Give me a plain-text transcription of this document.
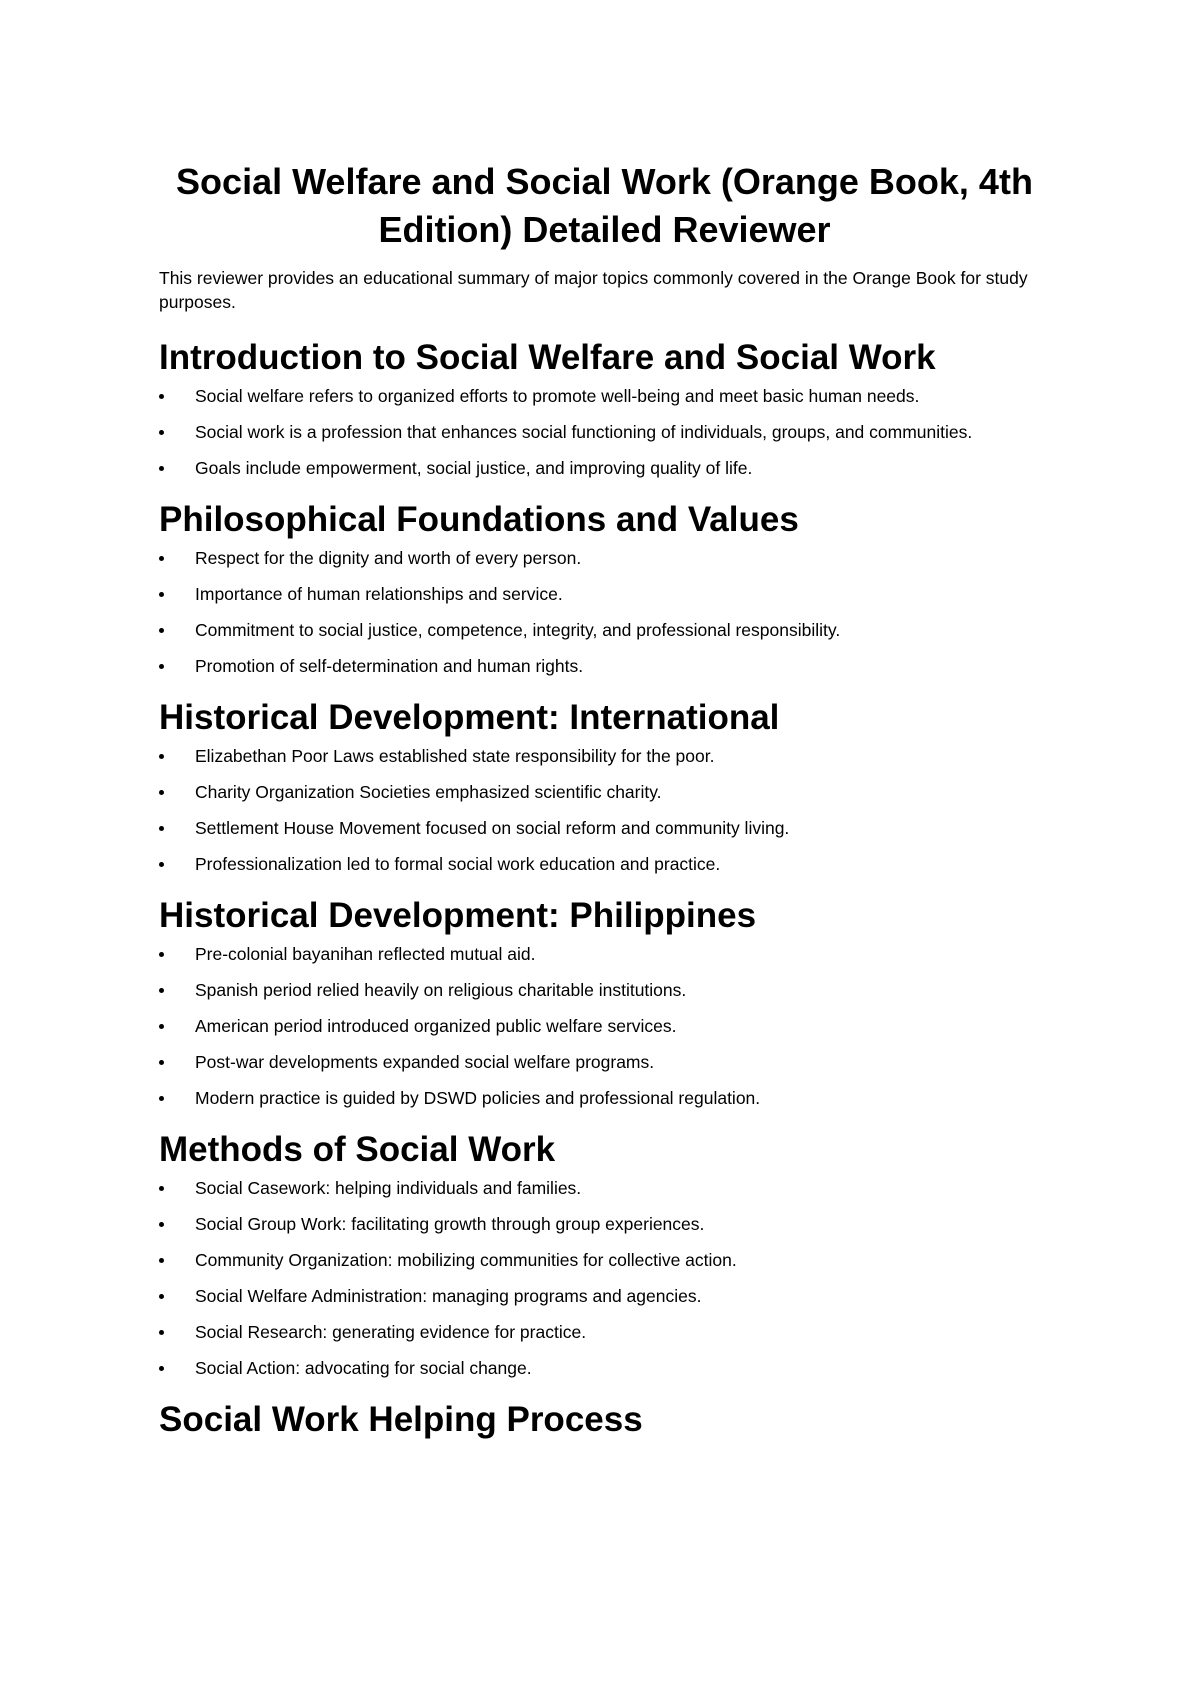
Social Welfare and Social Work (Orange Book, 4th Edition) Detailed Reviewer

This reviewer provides an educational summary of major topics commonly covered in the Orange Book for study purposes.

Introduction to Social Welfare and Social Work
Social welfare refers to organized efforts to promote well-being and meet basic human needs.
Social work is a profession that enhances social functioning of individuals, groups, and communities.
Goals include empowerment, social justice, and improving quality of life.
Philosophical Foundations and Values
Respect for the dignity and worth of every person.
Importance of human relationships and service.
Commitment to social justice, competence, integrity, and professional responsibility.
Promotion of self-determination and human rights.
Historical Development: International
Elizabethan Poor Laws established state responsibility for the poor.
Charity Organization Societies emphasized scientific charity.
Settlement House Movement focused on social reform and community living.
Professionalization led to formal social work education and practice.
Historical Development: Philippines
Pre-colonial bayanihan reflected mutual aid.
Spanish period relied heavily on religious charitable institutions.
American period introduced organized public welfare services.
Post-war developments expanded social welfare programs.
Modern practice is guided by DSWD policies and professional regulation.
Methods of Social Work
Social Casework: helping individuals and families.
Social Group Work: facilitating growth through group experiences.
Community Organization: mobilizing communities for collective action.
Social Welfare Administration: managing programs and agencies.
Social Research: generating evidence for practice.
Social Action: advocating for social change.
Social Work Helping Process
